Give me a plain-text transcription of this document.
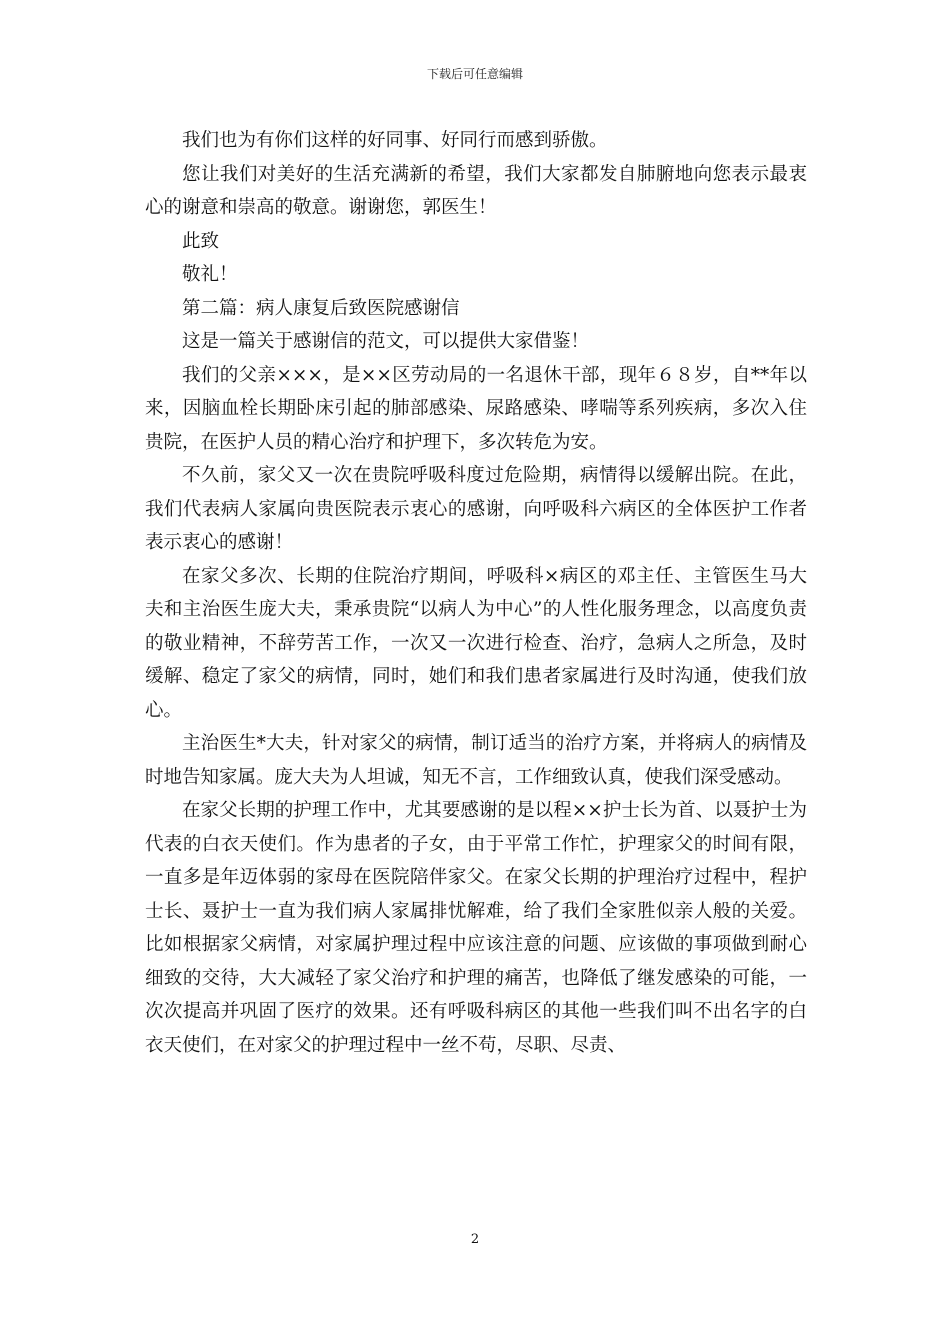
下载后可任意编辑

我们也为有你们这样的好同事、好同行而感到骄傲。

您让我们对美好的生活充满新的希望，我们大家都发自肺腑地向您表示最衷心的谢意和崇高的敬意。谢谢您，郭医生！

此致

敬礼！

第二篇：病人康复后致医院感谢信

这是一篇关于感谢信的范文，可以提供大家借鉴！

我们的父亲×××，是××区劳动局的一名退休干部，现年６８岁，自**年以来，因脑血栓长期卧床引起的肺部感染、尿路感染、哮喘等系列疾病，多次入住贵院，在医护人员的精心治疗和护理下，多次转危为安。

不久前，家父又一次在贵院呼吸科度过危险期，病情得以缓解出院。在此，我们代表病人家属向贵医院表示衷心的感谢，向呼吸科六病区的全体医护工作者表示衷心的感谢！

在家父多次、长期的住院治疗期间，呼吸科×病区的邓主任、主管医生马大夫和主治医生庞大夫，秉承贵院“以病人为中心”的人性化服务理念，以高度负责的敬业精神，不辞劳苦工作，一次又一次进行检查、治疗，急病人之所急，及时缓解、稳定了家父的病情，同时，她们和我们患者家属进行及时沟通，使我们放心。

主治医生*大夫，针对家父的病情，制订适当的治疗方案，并将病人的病情及时地告知家属。庞大夫为人坦诚，知无不言，工作细致认真，使我们深受感动。

在家父长期的护理工作中，尤其要感谢的是以程××护士长为首、以聂护士为代表的白衣天使们。作为患者的子女，由于平常工作忙，护理家父的时间有限，一直多是年迈体弱的家母在医院陪伴家父。在家父长期的护理治疗过程中，程护士长、聂护士一直为我们病人家属排忧解难，给了我们全家胜似亲人般的关爱。比如根据家父病情，对家属护理过程中应该注意的问题、应该做的事项做到耐心细致的交待，大大减轻了家父治疗和护理的痛苦，也降低了继发感染的可能，一次次提高并巩固了医疗的效果。还有呼吸科病区的其他一些我们叫不出名字的白衣天使们，在对家父的护理过程中一丝不苟，尽职、尽责、

2
